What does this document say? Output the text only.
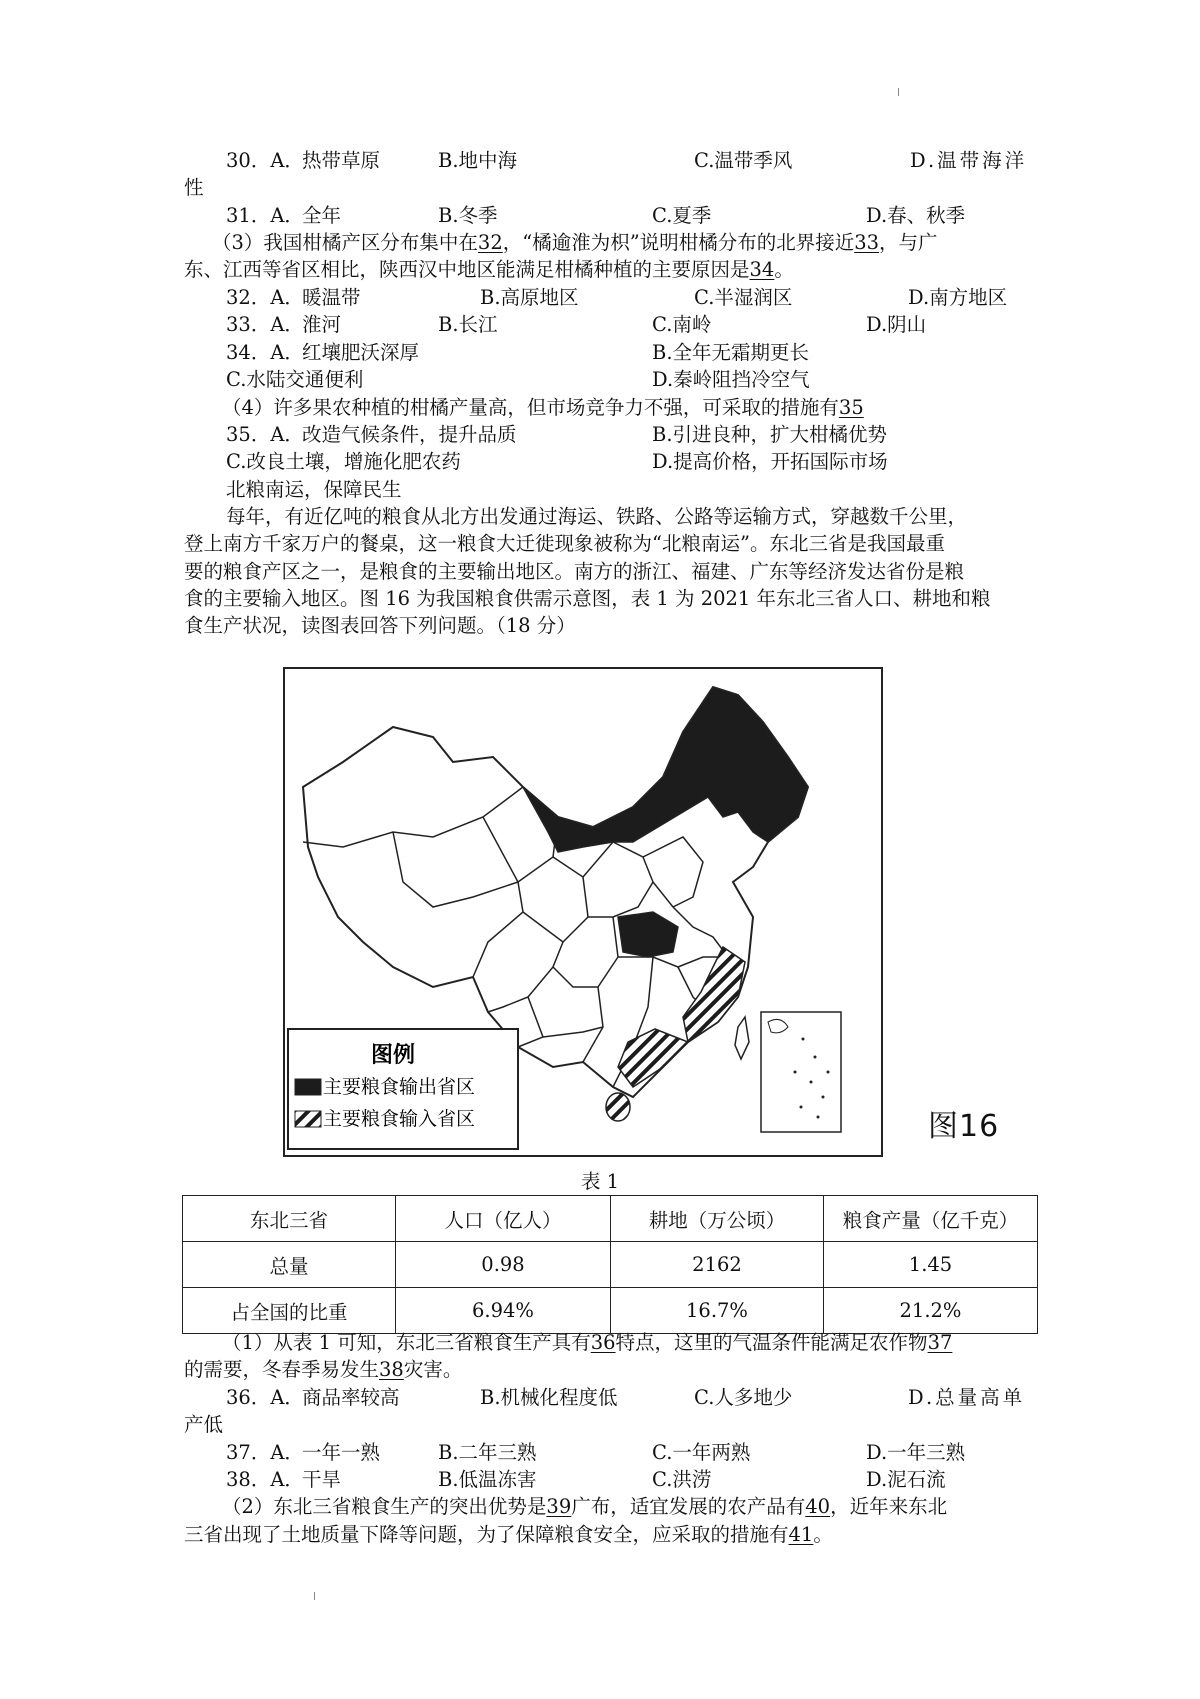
30．A．
热带草原	B.地中海	C.温带季风	D.温带海洋
性
31．A．
全年	B.冬季	C.夏季	D.春、秋季
（3）我国柑橘产区分布集中在32，“橘逾淮为枳”说明柑橘分布的北界接近33，与广
东、江西等省区相比，陕西汉中地区能满足柑橘种植的主要原因是34。
32．A．
暖温带	B.高原地区	C.半湿润区	D.南方地区
33．A．
淮河	B.长江	C.南岭	D.阴山
34．A．
红壤肥沃深厚	B.全年无霜期更长
C.水陆交通便利	D.秦岭阻挡冷空气
（4）许多果农种植的柑橘产量高，但市场竞争力不强，可采取的措施有35
35．A．
改造气候条件，提升品质	B.引进良种，扩大柑橘优势
C.改良土壤，增施化肥农药	D.提高价格，开拓国际市场
北粮南运，保障民生
每年，有近亿吨的粮食从北方出发通过海运、铁路、公路等运输方式，穿越数千公里，
登上南方千家万户的餐桌，这一粮食大迁徙现象被称为“北粮南运”。东北三省是我国最重
要的粮食产区之一，是粮食的主要输出地区。南方的浙江、福建、广东等经济发达省份是粮
食的主要输入地区。图 16 为我国粮食供需示意图，表 1 为 2021 年东北三省人口、耕地和粮
食生产状况，读图表回答下列问题。（18 分）
图例
主要粮食输出省区
主要粮食输入省区	图16
表 1
东北三省	人口（亿人）	耕地（万公顷）	粮食产量（亿千克）
总量	0.98	2162	1.45
占全国的比重	6.94%	16.7%	21.2%
（1）从表 1 可知，东北三省粮食生产具有36特点，这里的气温条件能满足农作物37
的需要，冬春季易发生38灾害。
36．A．
商品率较高	B.机械化程度低	C.人多地少	D.总量高单
产低
37．A．
一年一熟	B.二年三熟	C.一年两熟	D.一年三熟
38．A．
干旱	B.低温冻害	C.洪涝	D.泥石流
（2）东北三省粮食生产的突出优势是39广布，适宜发展的农产品有40，近年来东北
三省出现了土地质量下降等问题，为了保障粮食安全，应采取的措施有41。
